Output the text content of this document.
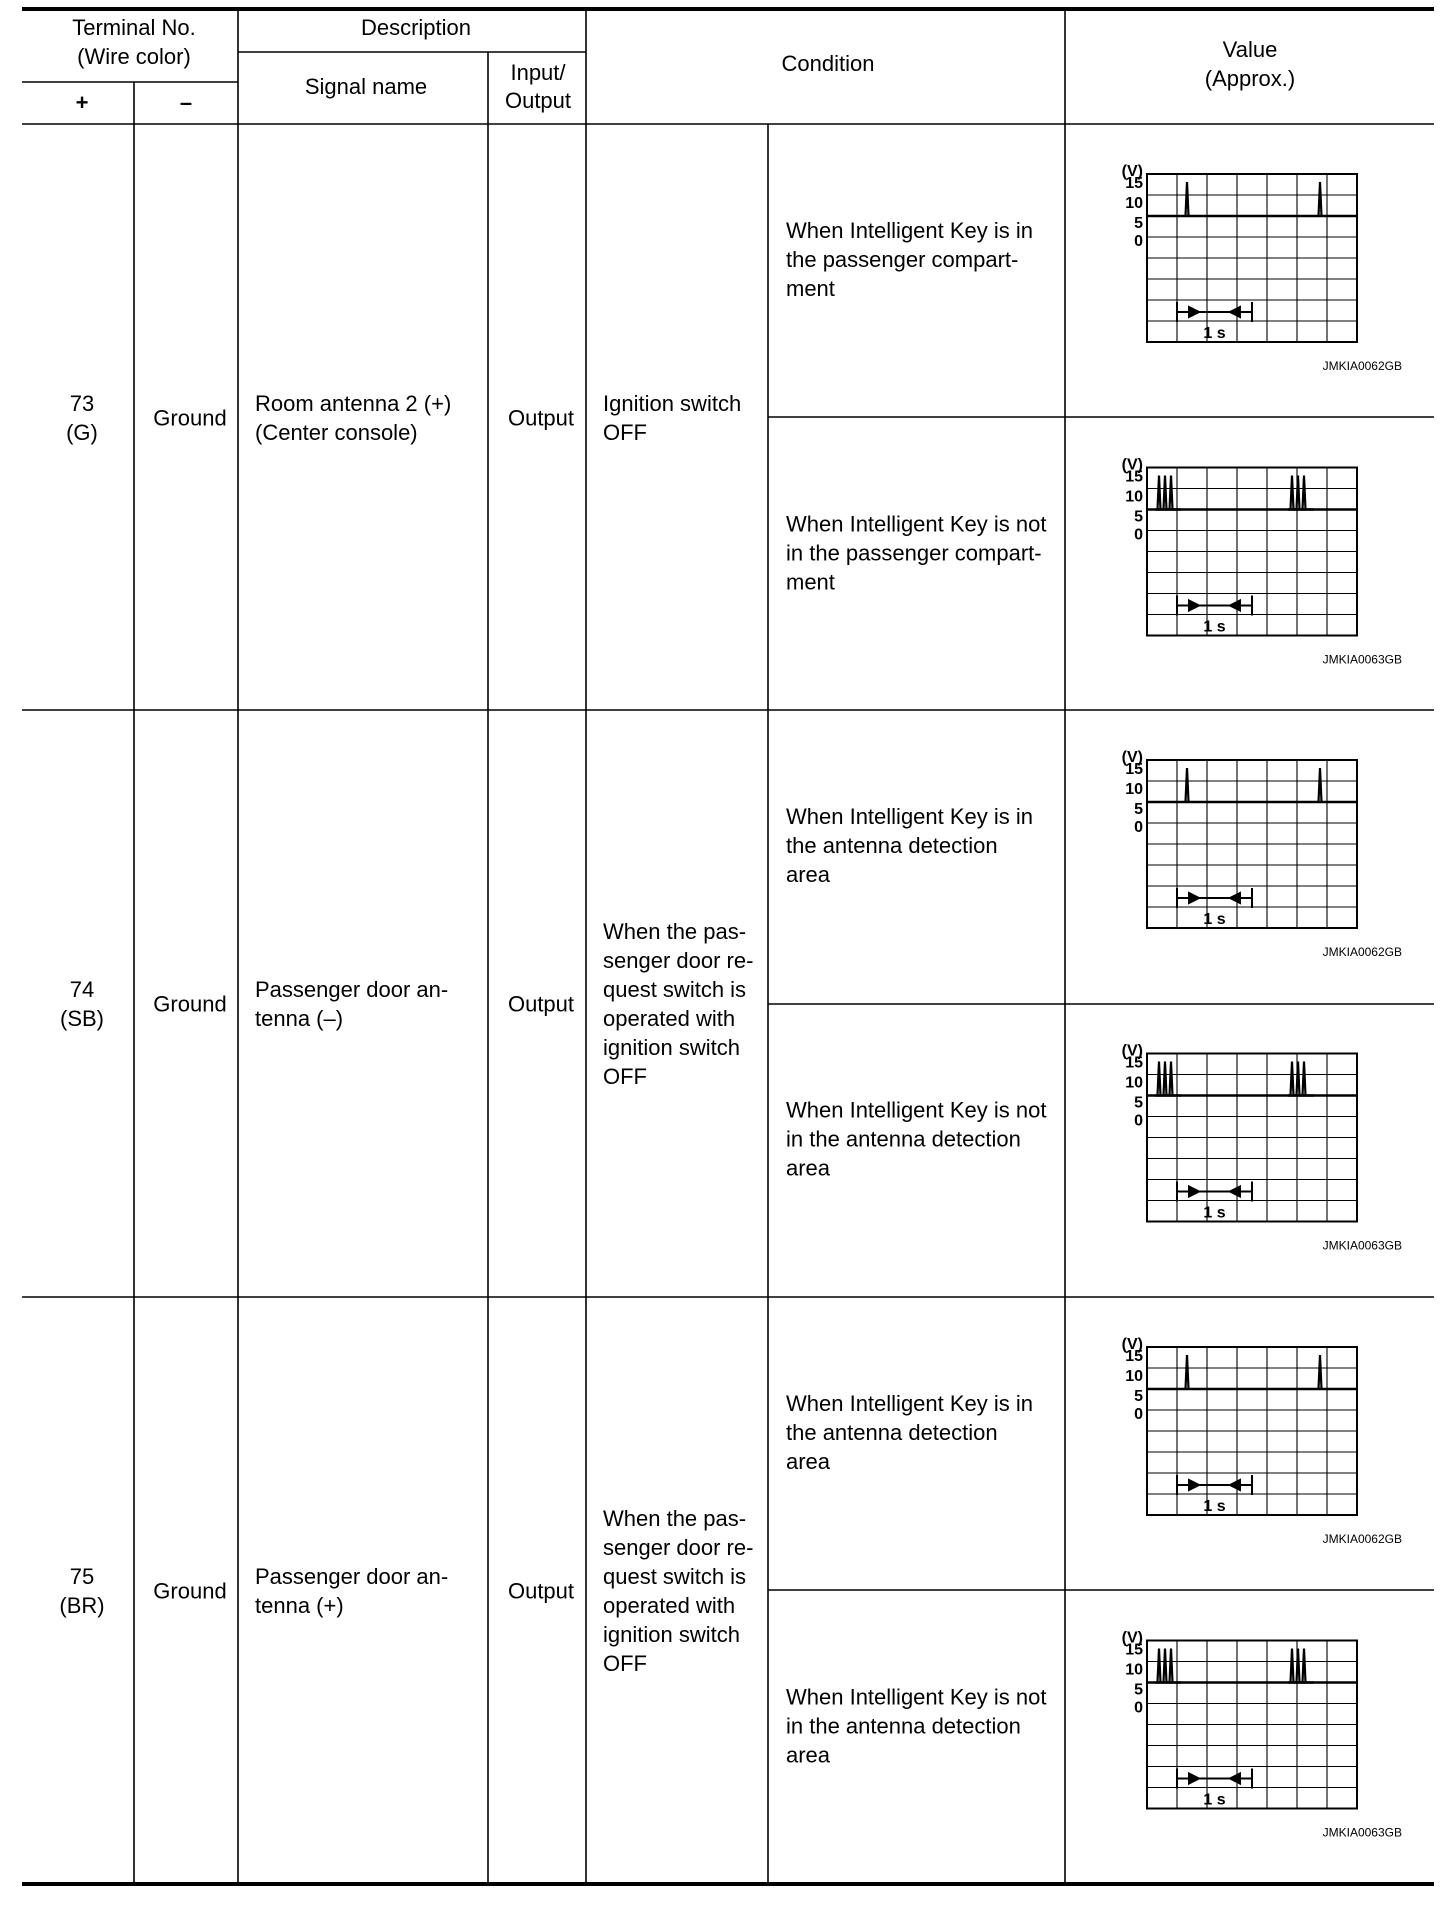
Terminal No.
(Wire color)
+	–
Description
Signal name
Input/
Output
Condition
Value
(Approx.)
73
(G)
Ground
Room antenna 2 (+)
(Center console)
Output
Ignition switch
OFF
When Intelligent Key is in
the passenger compart-
ment
(V)
15
10
5
0
1 s
JMKIA0062GB
When Intelligent Key is not
in the passenger compart-
ment
(V)
15
10
5
0
1 s
JMKIA0063GB
74
(SB)
Ground
Passenger door an-
tenna (–)
Output
When the pas-
senger door re-
quest switch is
operated with
ignition switch
OFF
When Intelligent Key is in
the antenna detection
area
(V)
15
10
5
0
1 s
JMKIA0062GB
When Intelligent Key is not
in the antenna detection
area
(V)
15
10
5
0
1 s
JMKIA0063GB
75
(BR)
Ground
Passenger door an-
tenna (+)
Output
When the pas-
senger door re-
quest switch is
operated with
ignition switch
OFF
When Intelligent Key is in
the antenna detection
area
(V)
15
10
5
0
1 s
JMKIA0062GB
When Intelligent Key is not
in the antenna detection
area
(V)
15
10
5
0
1 s
JMKIA0063GB
